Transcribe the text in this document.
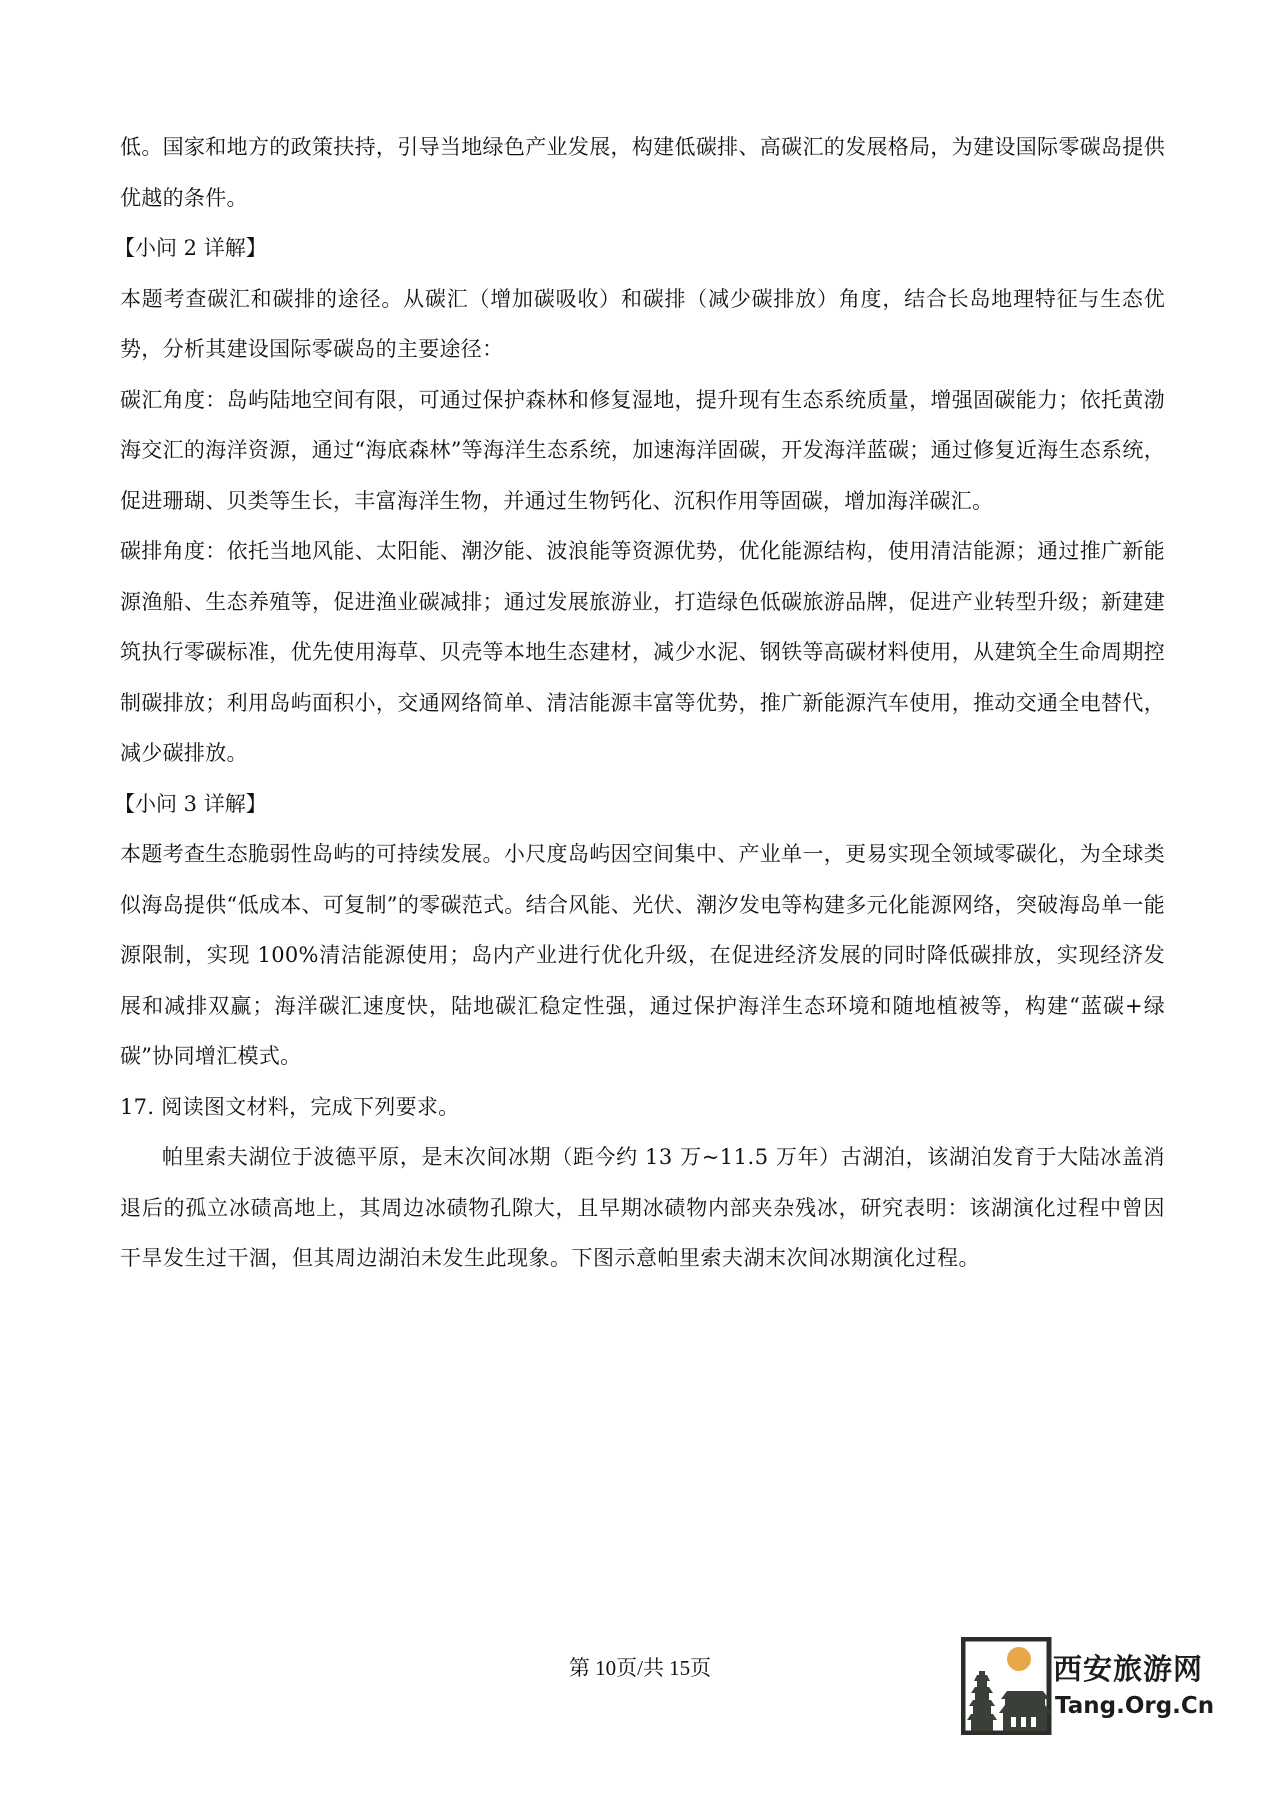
低。国家和地方的政策扶持，引导当地绿色产业发展，构建低碳排、高碳汇的发展格局，为建设国际零碳岛提供优越的条件。

【小问 2 详解】

本题考查碳汇和碳排的途径。从碳汇（增加碳吸收）和碳排（减少碳排放）角度，结合长岛地理特征与生态优势，分析其建设国际零碳岛的主要途径：

碳汇角度：岛屿陆地空间有限，可通过保护森林和修复湿地，提升现有生态系统质量，增强固碳能力；依托黄渤海交汇的海洋资源，通过“海底森林”等海洋生态系统，加速海洋固碳，开发海洋蓝碳；通过修复近海生态系统，促进珊瑚、贝类等生长，丰富海洋生物，并通过生物钙化、沉积作用等固碳，增加海洋碳汇。

碳排角度：依托当地风能、太阳能、潮汐能、波浪能等资源优势，优化能源结构，使用清洁能源；通过推广新能源渔船、生态养殖等，促进渔业碳减排；通过发展旅游业，打造绿色低碳旅游品牌，促进产业转型升级；新建建筑执行零碳标准，优先使用海草、贝壳等本地生态建材，减少水泥、钢铁等高碳材料使用，从建筑全生命周期控制碳排放；利用岛屿面积小，交通网络简单、清洁能源丰富等优势，推广新能源汽车使用，推动交通全电替代，减少碳排放。

【小问 3 详解】

本题考查生态脆弱性岛屿的可持续发展。小尺度岛屿因空间集中、产业单一，更易实现全领域零碳化，为全球类似海岛提供“低成本、可复制”的零碳范式。结合风能、光伏、潮汐发电等构建多元化能源网络，突破海岛单一能源限制，实现 100%清洁能源使用；岛内产业进行优化升级，在促进经济发展的同时降低碳排放，实现经济发展和减排双赢；海洋碳汇速度快，陆地碳汇稳定性强，通过保护海洋生态环境和随地植被等，构建“蓝碳+绿碳”协同增汇模式。

17. 阅读图文材料，完成下列要求。

帕里索夫湖位于波德平原，是末次间冰期（距今约 13 万~11.5 万年）古湖泊，该湖泊发育于大陆冰盖消退后的孤立冰碛高地上，其周边冰碛物孔隙大，且早期冰碛物内部夹杂残冰，研究表明：该湖演化过程中曾因干旱发生过干涸，但其周边湖泊未发生此现象。下图示意帕里索夫湖末次间冰期演化过程。

第 10页/共 15页	西安旅游网
Tang.Org.Cn
